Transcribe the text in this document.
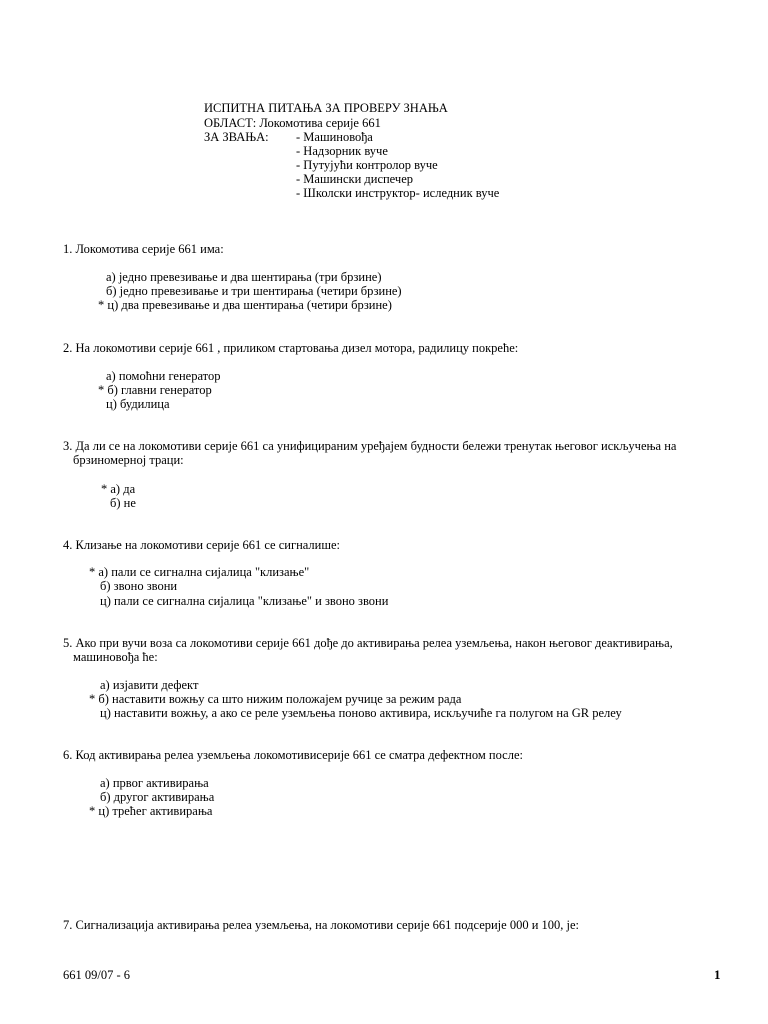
ИСПИТНА ПИТАЊА ЗА ПРОВЕРУ ЗНАЊА
ОБЛАСТ: Локомотива серије 661
ЗА ЗВАЊА: - Машиновођа
- Надзорник вуче
- Путујући контролор вуче
- Машински диспечер
- Школски инструктор- иследник вуче
1. Локомотива серије 661 има:
а) једно превезивање и два шентирања (три брзине)
б) једно превезивање и три шентирања (четири брзине)
* ц) два превезивање и два шентирања (четири брзине)
2. На локомотиви серије 661 , приликом стартовања дизел мотора, радилицу покреће:
а) помоћни генератор
* б) главни генератор
ц) будилица
3. Да ли се на локомотиви серије 661 са унифицираним уређајем будности бележи тренутак његовог искључења на
брзиномерној траци:
* а) да
б) не
4. Клизање на локомотиви серије 661 се сигналише:
* а) пали се сигнална сијалица "клизање"
б) звоно звони
ц) пали се сигнална сијалица "клизање" и звоно звони
5. Ако при вучи воза са локомотиви серије 661 дође до активирања релеа уземљења, након његовог деактивирања,
машиновођа ће:
а) изјавити дефект
* б) наставити вожњу са што нижим положајем ручице за режим рада
ц) наставити вожњу, а ако се реле уземљења поново активира, искључиће га полугом на GR релеу
6. Код активирања релеа уземљења локомотивисерије 661 се сматра дефектном после:
а) првог активирања
б) другог активирања
* ц) трећег активирања
7. Сигнализација активирања релеа уземљења, на локомотиви серије 661 подсерије 000 и 100, је:
661 09/07 - 6	1
